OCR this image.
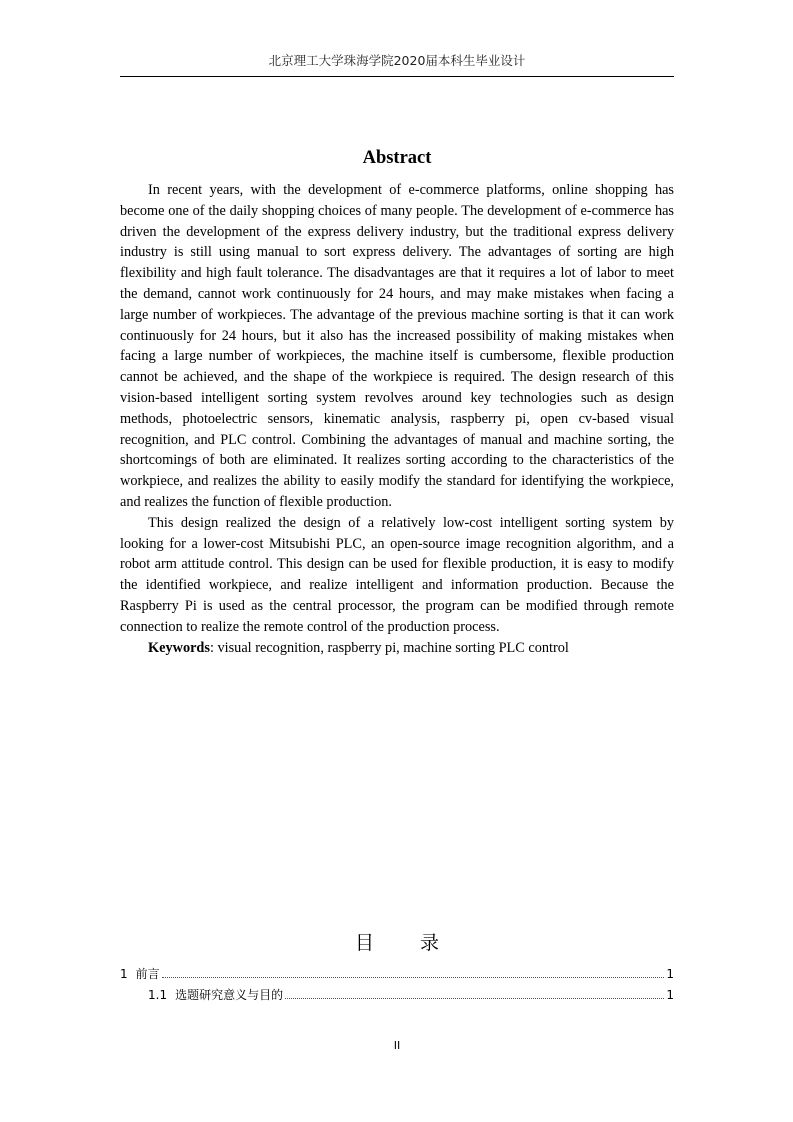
北京理工大学珠海学院2020届本科生毕业设计
Abstract

In recent years, with the development of e-commerce platforms, online shopping has become one of the daily shopping choices of many people. The development of e-commerce has driven the development of the express delivery industry, but the traditional express delivery industry is still using manual to sort express delivery. The advantages of sorting are high flexibility and high fault tolerance. The disadvantages are that it requires a lot of labor to meet the demand, cannot work continuously for 24 hours, and may make mistakes when facing a large number of workpieces. The advantage of the previous machine sorting is that it can work continuously for 24 hours, but it also has the increased possibility of making mistakes when facing a large number of workpieces, the machine itself is cumbersome, flexible production cannot be achieved, and the shape of the workpiece is required. The design research of this vision-based intelligent sorting system revolves around key technologies such as design methods, photoelectric sensors, kinematic analysis, raspberry pi, open cv-based visual recognition, and PLC control. Combining the advantages of manual and machine sorting, the shortcomings of both are eliminated. It realizes sorting according to the characteristics of the workpiece, and realizes the ability to easily modify the standard for identifying the workpiece, and realizes the function of flexible production.

This design realized the design of a relatively low-cost intelligent sorting system by looking for a lower-cost Mitsubishi PLC, an open-source image recognition algorithm, and a robot arm attitude control. This design can be used for flexible production, it is easy to modify the identified workpiece, and realize intelligent and information production. Because the Raspberry Pi is used as the central processor, the program can be modified through remote connection to realize the remote control of the production process.

Keywords: visual recognition, raspberry pi, machine sorting PLC control

目 录
1 前言	1
1.1 选题研究意义与目的	1
II
